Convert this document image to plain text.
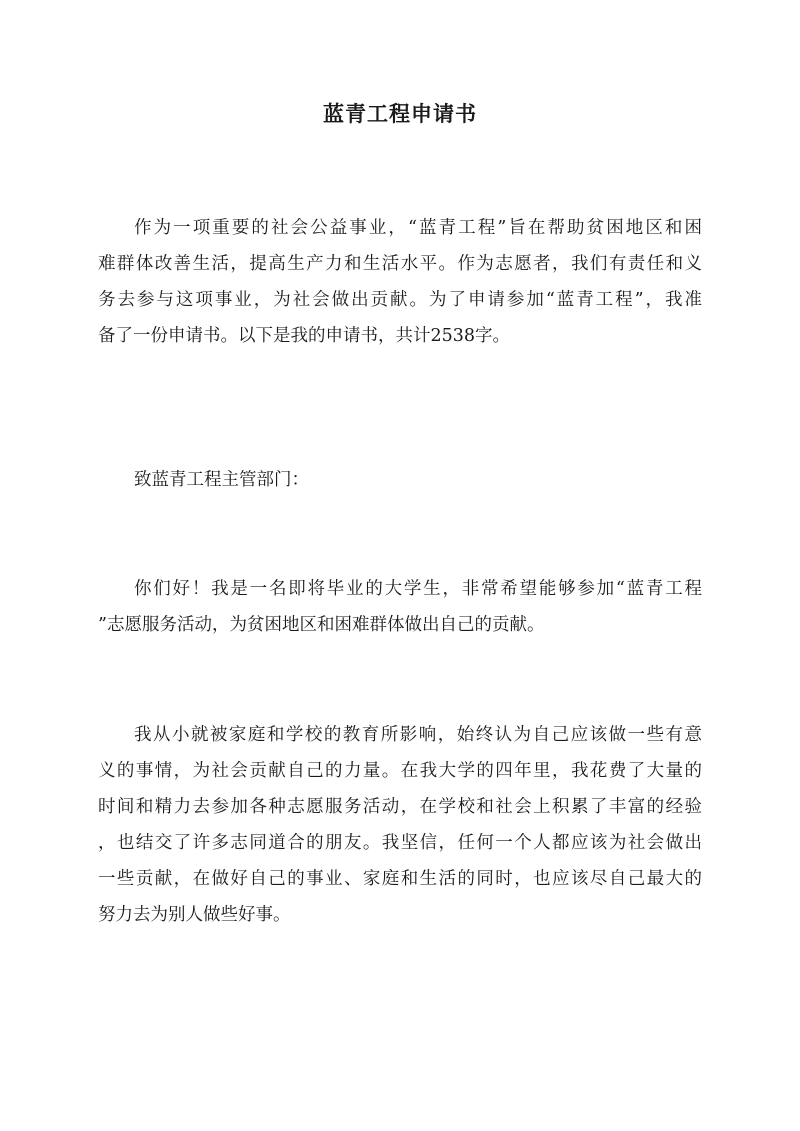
蓝青工程申请书
作为一项重要的社会公益事业，“蓝青工程”旨在帮助贫困地区和困
难群体改善生活，提高生产力和生活水平。作为志愿者，我们有责任和义
务去参与这项事业，为社会做出贡献。为了申请参加“蓝青工程”，我准
备了一份申请书。以下是我的申请书，共计2538字。
致蓝青工程主管部门：
你们好！我是一名即将毕业的大学生，非常希望能够参加“蓝青工程
”志愿服务活动，为贫困地区和困难群体做出自己的贡献。
我从小就被家庭和学校的教育所影响，始终认为自己应该做一些有意
义的事情，为社会贡献自己的力量。在我大学的四年里，我花费了大量的
时间和精力去参加各种志愿服务活动，在学校和社会上积累了丰富的经验
，也结交了许多志同道合的朋友。我坚信，任何一个人都应该为社会做出
一些贡献，在做好自己的事业、家庭和生活的同时，也应该尽自己最大的
努力去为别人做些好事。
